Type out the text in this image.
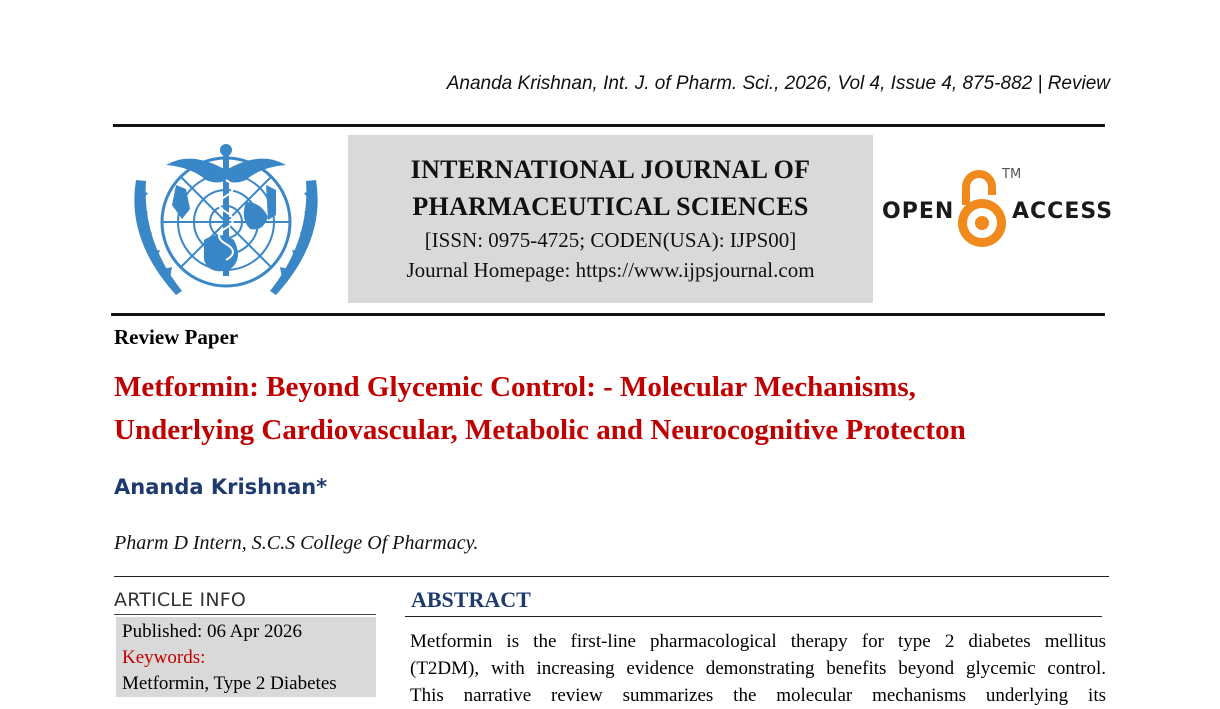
Ananda Krishnan, Int. J. of Pharm. Sci., 2026, Vol 4, Issue 4, 875-882 | Review
INTERNATIONAL JOURNAL OF
PHARMACEUTICAL SCIENCES
[ISSN: 0975-4725; CODEN(USA): IJPS00]
Journal Homepage: https://www.ijpsjournal.com
OPEN
TM
ACCESS
Review Paper
Metformin: Beyond Glycemic Control: - Molecular Mechanisms,
Underlying Cardiovascular, Metabolic and Neurocognitive Protecton
Ananda Krishnan*
Pharm D Intern, S.C.S College Of Pharmacy.
ARTICLE INFO
Published: 06 Apr 2026
Keywords:
Metformin, Type 2 Diabetes
ABSTRACT
Metformin is the first-line pharmacological therapy for type 2 diabetes mellitus
(T2DM), with increasing evidence demonstrating benefits beyond glycemic control.
This narrative review summarizes the molecular mechanisms underlying its
